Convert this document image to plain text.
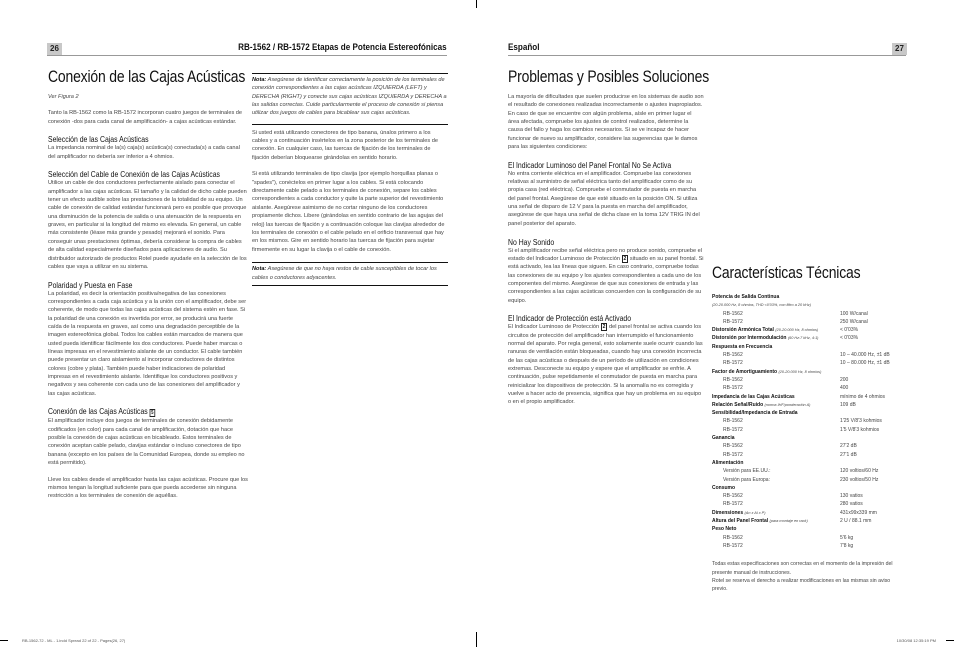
26	RB-1562 / RB-1572 Etapas de Potencia Estereofónicas
Conexión de las Cajas Acústicas

Ver Figura 2

Tanto la RB-1562 como la RB-1572 incorporan cuatro juegos de terminales de conexión -dos para cada canal de amplificación- a cajas acústicas estándar.

Selección de las Cajas Acústicas

La impedancia nominal de la(s) caja(s) acústica(s) conectada(s) a cada canal del amplificador no debería ser inferior a 4 ohmios.

Selección del Cable de Conexión de las Cajas Acústicas

Utilice un cable de dos conductores perfectamente aislado para conectar el amplificador a las cajas acústicas. El tamaño y la calidad de dicho cable pueden tener un efecto audible sobre las prestaciones de la totalidad de su equipo. Un cable de conexión de calidad estándar funcionará pero es posible que provoque una disminución de la potencia de salida o una atenuación de la respuesta en graves, en particular si la longitud del mismo es elevada. En general, un cable más consistente (léase más grande y pesado) mejorará el sonido. Para conseguir unas prestaciones óptimas, debería considerar la compra de cables de alta calidad especialmente diseñados para aplicaciones de audio. Su distribuidor autorizado de productos Rotel puede ayudarle en la selección de los cables que vaya a utilizar en su sistema.

Polaridad y Puesta en Fase

La polaridad, es decir la orientación positiva/negativa de las conexiones correspondientes a cada caja acústica y a la unión con el amplificador, debe ser coherente, de modo que todas las cajas acústicas del sistema estén en fase. Si la polaridad de una conexión es invertida por error, se producirá una fuerte caída de la respuesta en graves, así como una degradación perceptible de la imagen estereofónica global. Todos los cables están marcados de manera que usted pueda identificar fácilmente los dos conductores. Puede haber marcas o líneas impresas en el revestimiento aislante de un conductor. El cable también puede presentar un claro aislamiento al incorporar conductores de distintos colores (cobre y plata). También puede haber indicaciones de polaridad impresas en el revestimiento aislante. Identifique los conductores positivos y negativos y sea coherente con cada uno de las conexiones del amplificador y las cajas acústicas.

Conexión de las Cajas Acústicas 5

El amplificador incluye dos juegos de terminales de conexión debidamente codificados (en color) para cada canal de amplificación, dotación que hace posible la conexión de cajas acústicas en bicableado. Estos terminales de conexión aceptan cable pelado, clavijas estándar o incluso conectores de tipo banana (excepto en los países de la Comunidad Europea, donde su empleo no está permitido).

Lleve los cables desde el amplificador hasta las cajas acústicas. Procure que los mismos tengan la longitud suficiente para que pueda accederse sin ninguna restricción a los terminales de conexión de aquéllas.

Nota: Asegúrese de identificar correctamente la posición de los terminales de conexión correspondientes a las cajas acústicas IZQUIERDA (LEFT) y DERECHA (RIGHT) y conecte sus cajas acústicas IZQUIERDA y DERECHA a las salidas correctas. Cuide particularmente el proceso de conexión si piensa utilizar dos juegos de cables para bicablear sus cajas acústicas.

Si usted está utilizando conectores de tipo banana, únalos primero a los cables y a continuación insértelos en la zona posterior de los terminales de conexión. En cualquier caso, las tuercas de fijación de los terminales de fijación deberían bloquearse girándolas en sentido horario.

Si está utilizando terminales de tipo clavija (por ejemplo horquillas planas o "spades"), conéctelos en primer lugar a los cables. Si está colocando directamente cable pelado a los terminales de conexión, separe los cables correspondientes a cada conductor y quite la parte superior del revestimiento aislante. Asegúrese asimismo de no cortar ninguno de los conductores propiamente dichos. Libere (girándolas en sentido contrario de las agujas del reloj) las tuercas de fijación y a continuación coloque las clavijas alrededor de los terminales de conexión o el cable pelado en el orificio transversal que hay en los mismos. Gire en sentido horario las tuercas de fijación para sujetar firmemente en su lugar la clavija o el cable de conexión.

Nota: Asegúrese de que no haya restos de cable susceptibles de tocar los cables o conductores adyacentes.

Español	27
Problemas y Posibles Soluciones

La mayoría de dificultades que suelen producirse en los sistemas de audio son el resultado de conexiones realizadas incorrectamente o ajustes inapropiados. En caso de que se encuentre con algún problema, aísle en primer lugar el área afectada, compruebe los ajustes de control realizados, determine la causa del fallo y haga los cambios necesarios. Si se ve incapaz de hacer funcionar de nuevo su amplificador, considere las sugerencias que le damos para las siguientes condiciones:

El Indicador Luminoso del Panel Frontal No Se Activa

No entra corriente eléctrica en el amplificador. Compruebe las conexiones relativas al suministro de señal eléctrica tanto del amplificador como de su propia casa (red eléctrica). Compruebe el conmutador de puesta en marcha del panel frontal. Asegúrese de que esté situado en la posición ON. Si utiliza una señal de disparo de 12 V para la puesta en marcha del amplificador, asegúrese de que haya una señal de dicha clase en la toma 12V TRIG IN del panel posterior del aparato.

No Hay Sonido

Si el amplificador recibe señal eléctrica pero no produce sonido, compruebe el estado del Indicador Luminoso de Protección 2 situado en su panel frontal. Si está activado, lea las líneas que siguen. En caso contrario, compruebe todas las conexiones de su equipo y los ajustes correspondientes a cada uno de los componentes del mismo. Asegúrese de que sus conexiones de entrada y las correspondientes a las cajas acústicas concuerden con la configuración de su equipo.

El Indicador de Protección está Activado

El Indicador Luminoso de Protección 2 del panel frontal se activa cuando los circuitos de protección del amplificador han interrumpido el funcionamiento normal del aparato. Por regla general, esto solamente suele ocurrir cuando las ranuras de ventilación están bloqueadas, cuando hay una conexión incorrecta de las cajas acústicas o después de un período de utilización en condiciones extremas. Desconecte su equipo y espere que el amplificador se enfríe. A continuación, pulse repetidamente el conmutador de puesta en marcha para reinicializar los dispositivos de protección. Si la anomalía no es corregida y vuelve a hacer acto de presencia, significa que hay un problema en su equipo o en el propio amplificador.

Características Técnicas
Potencia de Salida Continua
(20-20.000 Hz, 8 ohmios, THD <0'03%, con filtro a 20 kHz)
RB-1562	100 W/canal
RB-1572	250 W/canal
Distorsión Armónica Total (20-20.000 Hz, 8 ohmios)	< 0'03%
Distorsión por Intermodulación (60 Hz:7 kHz, 4:1)	< 0'03%
Respuesta en Frecuencia
RB-1562	10 – 40.000 Hz, ±1 dB
RB-1572	10 – 80.000 Hz, ±1 dB
Factor de Amortiguamiento (20-20.000 Hz, 8 ohmios)
RB-1562	200
RB-1572	400
Impedancia de las Cajas Acústicas	mínimo de 4 ohmios
Relación Señal/Ruido (norma IHF/ponderación A)	109 dB
Sensibilidad/Impedancia de Entrada
RB-1562	1'25 V/8'3 kohmios
RB-1572	1'5 V/8'3 kohmios
Ganancia
RB-1562	27'2 dB
RB-1572	27'1 dB
Alimentación
Versión para EE.UU.:	120 voltios/60 Hz
Versión para Europa:	230 voltios/50 Hz
Consumo
RB-1562	130 vatios
RB-1572	280 vatios
Dimensiones (An x Al x P)	431x99x339 mm
Altura del Panel Frontal (para montaje en rack)	2 U / 88.1 mm
Peso Neto
RB-1562	5'6 kg
RB-1572	7'8 kg
Todas estas especificaciones son correctas en el momento de la impresión del presente manual de instrucciones.
Rotel se reserva el derecho a realizar modificaciones en las mismas sin aviso previo.
RB-1562-72 - ML - 1.indd Spread 22 of 22 - Pages(26, 27)	10/30/08 12:35:19 PM
